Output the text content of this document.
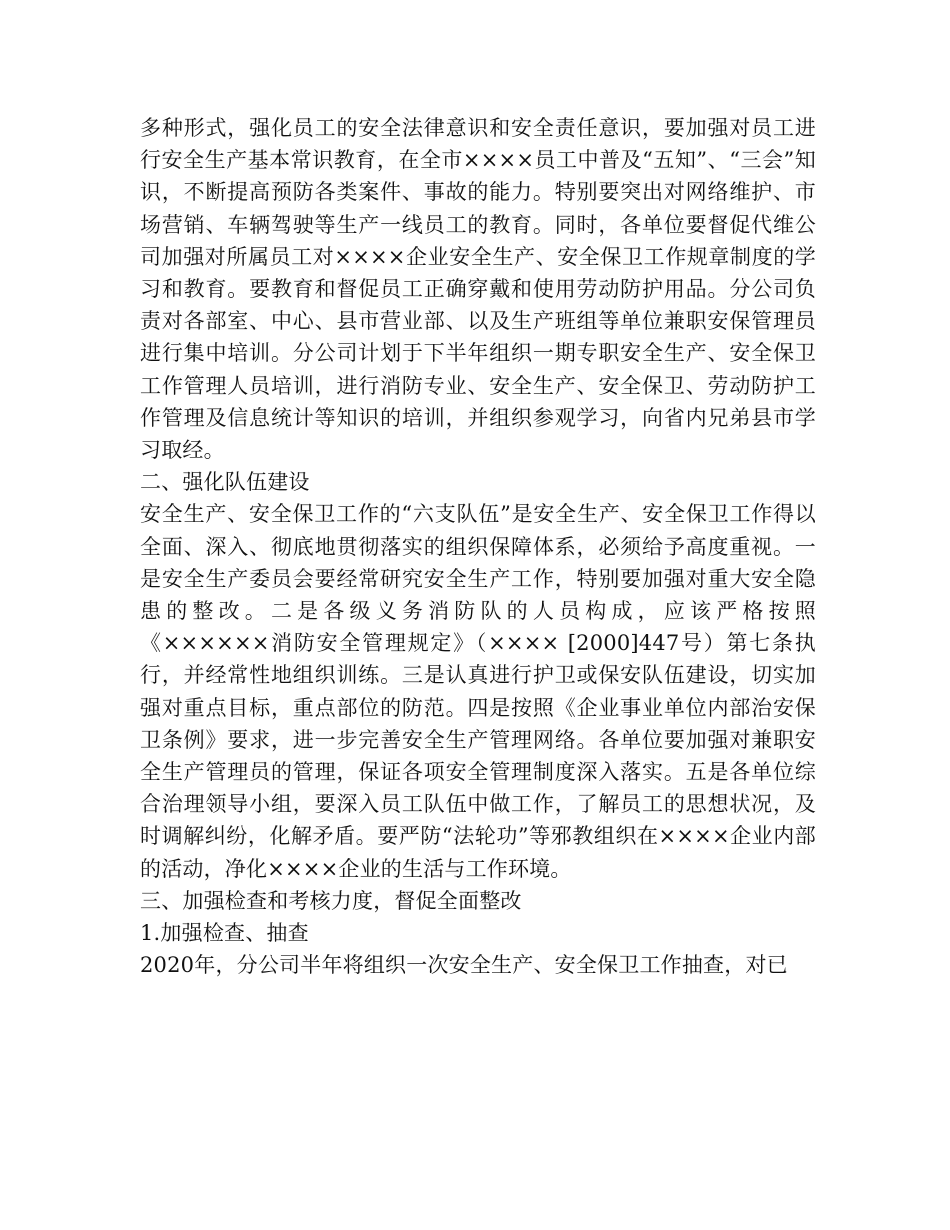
多种形式，强化员工的安全法律意识和安全责任意识，要加强对员工进行安全生产基本常识教育，在全市××××员工中普及“五知”、“三会”知识，不断提高预防各类案件、事故的能力。特别要突出对网络维护、市场营销、车辆驾驶等生产一线员工的教育。同时，各单位要督促代维公司加强对所属员工对××××企业安全生产、安全保卫工作规章制度的学习和教育。要教育和督促员工正确穿戴和使用劳动防护用品。分公司负责对各部室、中心、县市营业部、以及生产班组等单位兼职安保管理员进行集中培训。分公司计划于下半年组织一期专职安全生产、安全保卫工作管理人员培训，进行消防专业、安全生产、安全保卫、劳动防护工作管理及信息统计等知识的培训，并组织参观学习，向省内兄弟县市学习取经。

二、强化队伍建设

安全生产、安全保卫工作的“六支队伍”是安全生产、安全保卫工作得以全面、深入、彻底地贯彻落实的组织保障体系，必须给予高度重视。一是安全生产委员会要经常研究安全生产工作，特别要加强对重大安全隐患的整改。二是各级义务消防队的人员构成，应该严格按照《××××××消防安全管理规定》（×××× [2000]447号）第七条执行，并经常性地组织训练。三是认真进行护卫或保安队伍建设，切实加强对重点目标，重点部位的防范。四是按照《企业事业单位内部治安保卫条例》要求，进一步完善安全生产管理网络。各单位要加强对兼职安全生产管理员的管理，保证各项安全管理制度深入落实。五是各单位综合治理领导小组，要深入员工队伍中做工作，了解员工的思想状况，及时调解纠纷，化解矛盾。要严防“法轮功”等邪教组织在××××企业内部的活动，净化××××企业的生活与工作环境。

三、加强检查和考核力度，督促全面整改

1.加强检查、抽查

2020年，分公司半年将组织一次安全生产、安全保卫工作抽查，对已
